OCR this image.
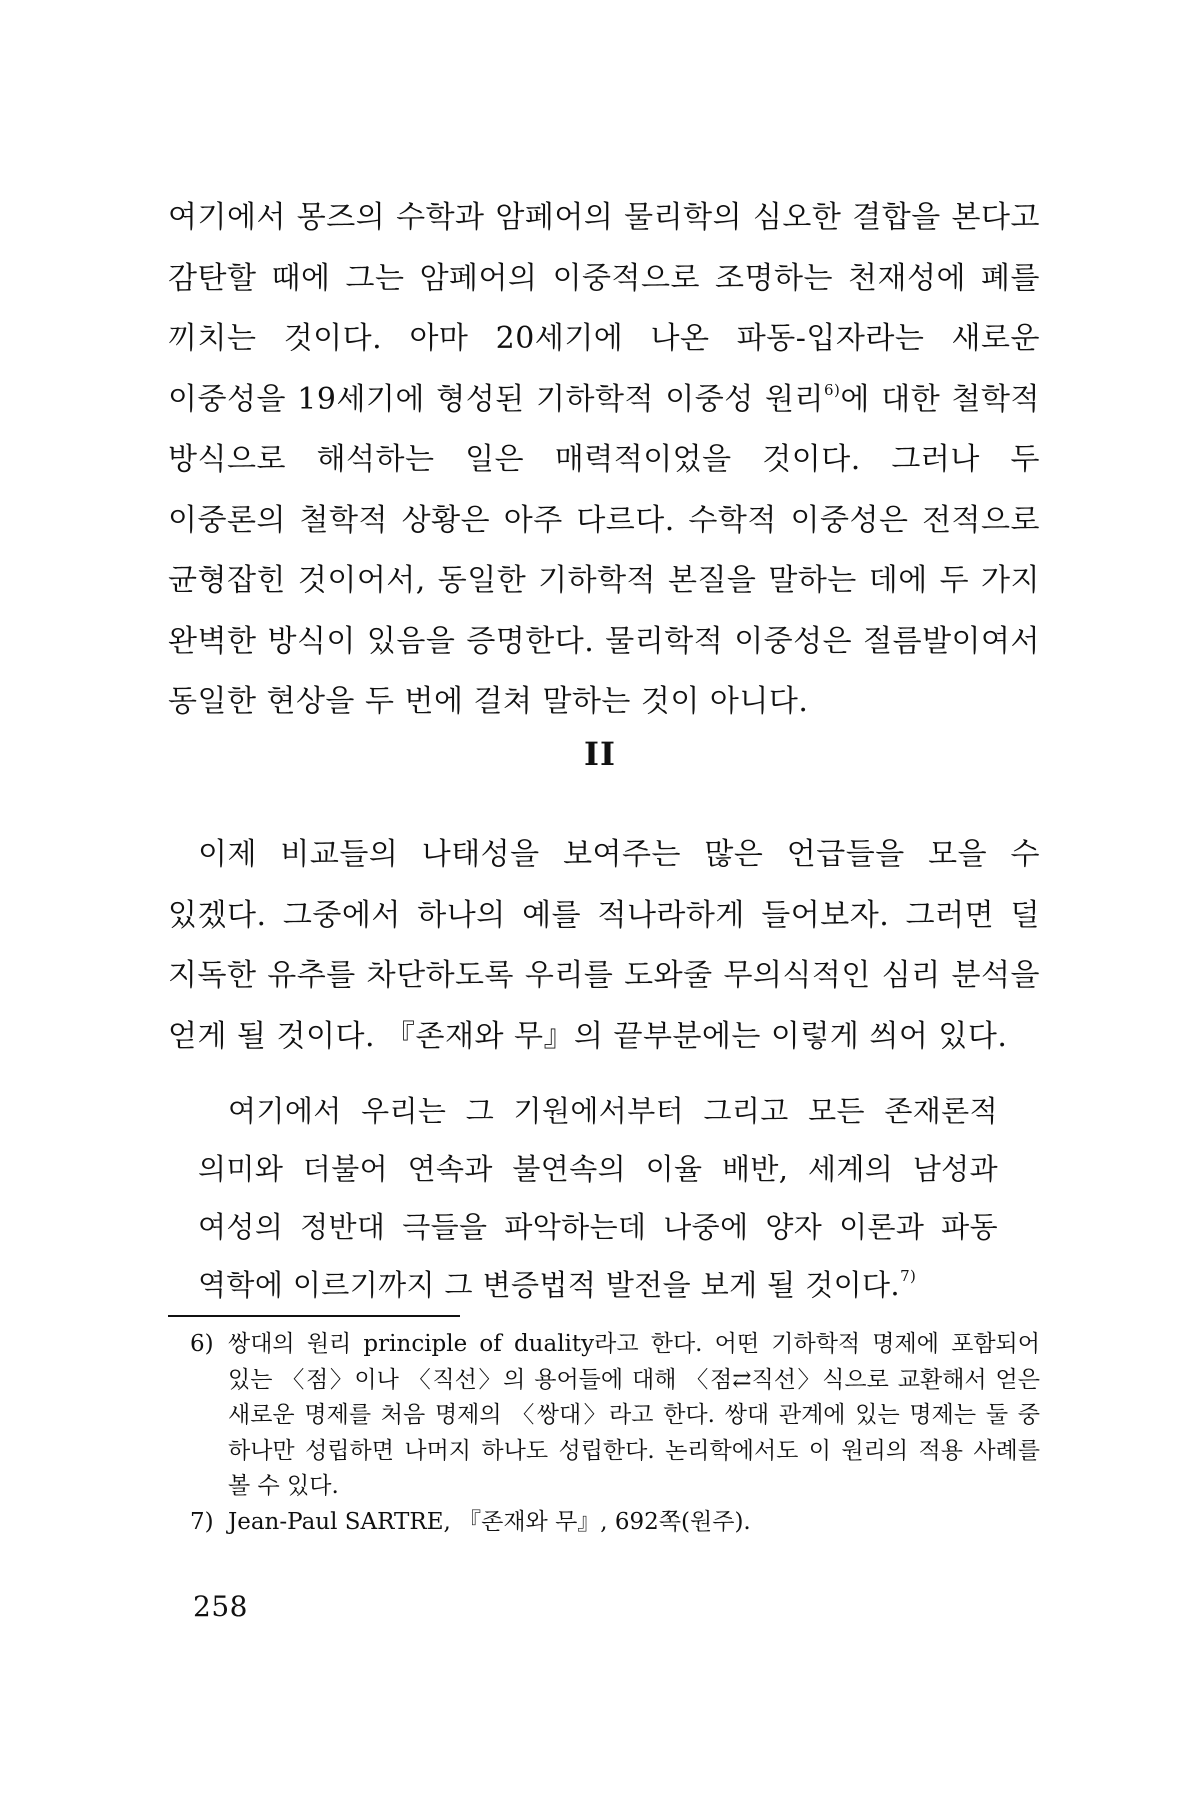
여기에서 몽즈의 수학과 암페어의 물리학의 심오한 결합을 본다고 감탄할 때에 그는 암페어의 이중적으로 조명하는 천재성에 폐를 끼치는 것이다. 아마 20세기에 나온 파동-입자라는 새로운 이중성을 19세기에 형성된 기하학적 이중성 원리$^{6)}$에 대한 철학적 방식으로 해석하는 일은 매력적이었을 것이다. 그러나 두 이중론의 철학적 상황은 아주 다르다. 수학적 이중성은 전적으로 균형잡힌 것이어서, 동일한 기하학적 본질을 말하는 데에 두 가지 완벽한 방식이 있음을 증명한다. 물리학적 이중성은 절름발이여서 동일한 현상을 두 번에 걸쳐 말하는 것이 아니다.

II

이제 비교들의 나태성을 보여주는 많은 언급들을 모을 수 있겠다. 그중에서 하나의 예를 적나라하게 들어보자. 그러면 덜 지독한 유추를 차단하도록 우리를 도와줄 무의식적인 심리 분석을 얻게 될 것이다. 『존재와 무』의 끝부분에는 이렇게 씌어 있다.

여기에서 우리는 그 기원에서부터 그리고 모든 존재론적 의미와 더불어 연속과 불연속의 이율 배반, 세계의 남성과 여성의 정반대 극들을 파악하는데 나중에 양자 이론과 파동 역학에 이르기까지 그 변증법적 발전을 보게 될 것이다.$^{7)}$
6) 쌍대의 원리 principle of duality라고 한다. 어떤 기하학적 명제에 포함되어 있는 〈점〉이나 〈직선〉의 용어들에 대해 〈점⇄직선〉식으로 교환해서 얻은 새로운 명제를 처음 명제의 〈쌍대〉라고 한다. 쌍대 관계에 있는 명제는 둘 중 하나만 성립하면 나머지 하나도 성립한다. 논리학에서도 이 원리의 적용 사례를 볼 수 있다.
7) Jean-Paul SARTRE, 『존재와 무』, 692쪽(원주).
258
